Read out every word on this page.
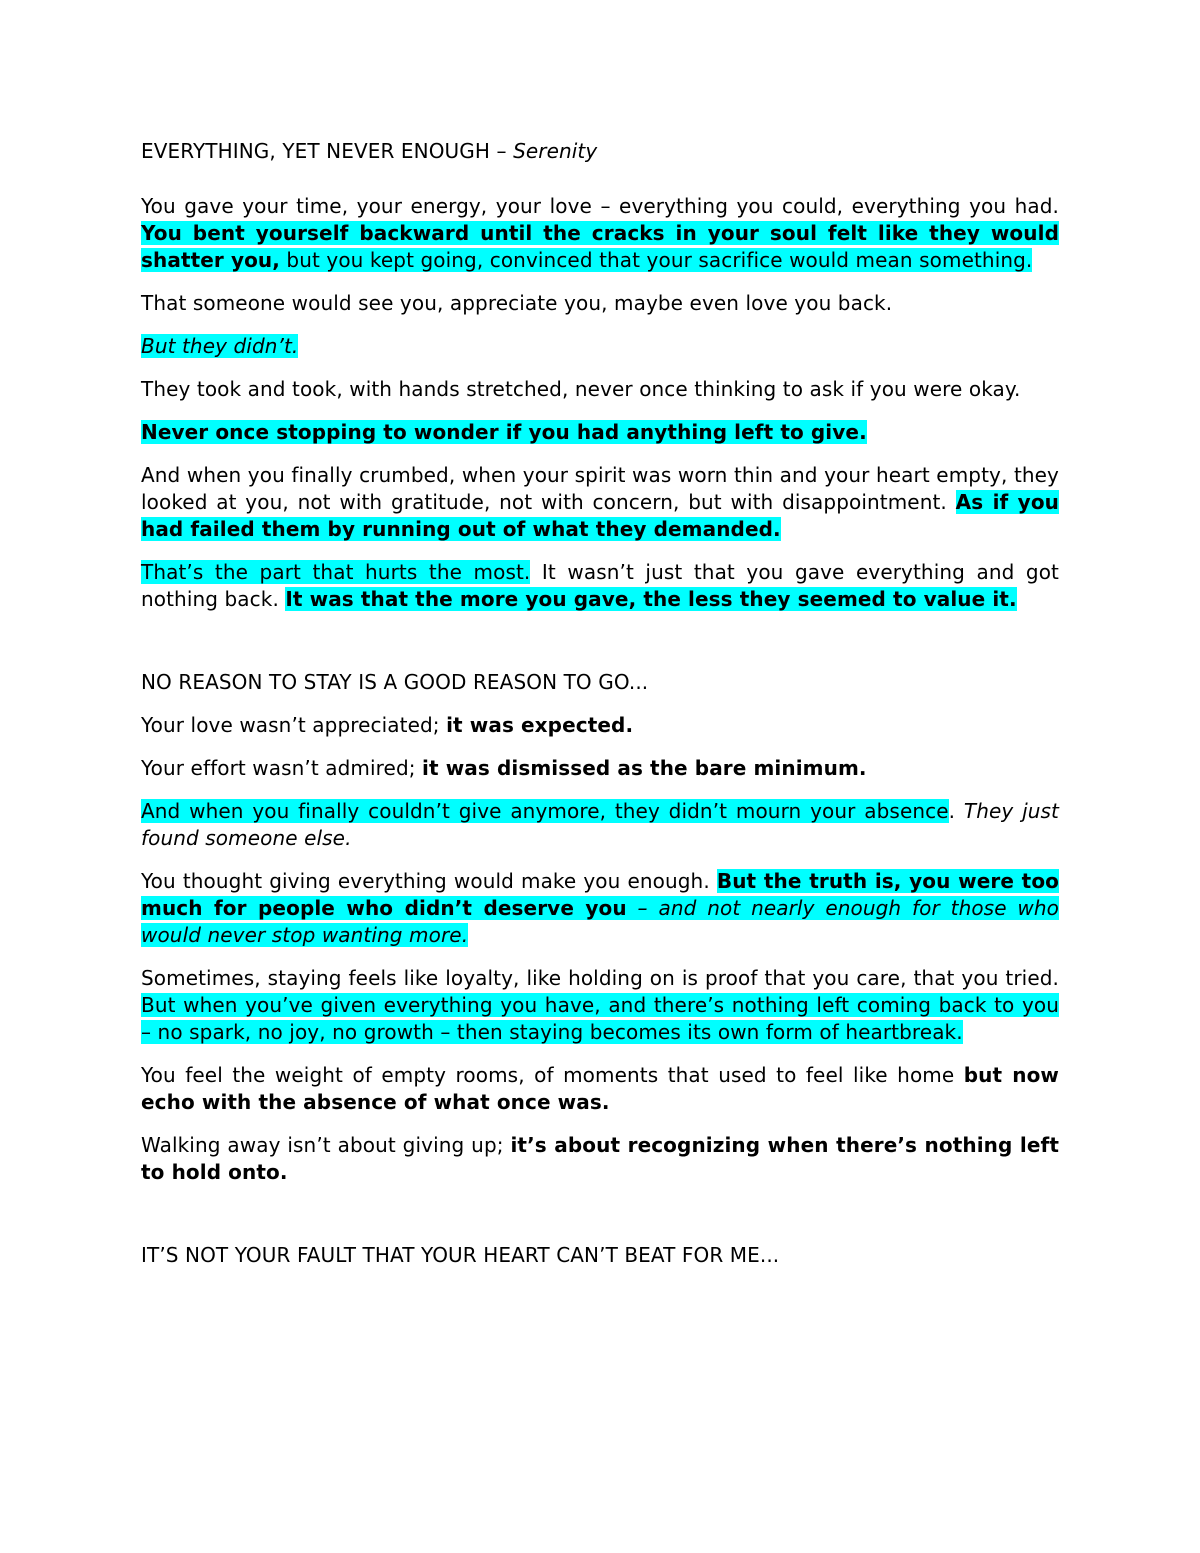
EVERYTHING, YET NEVER ENOUGH – Serenity

You gave your time, your energy, your love – everything you could, everything you had. You bent yourself backward until the cracks in your soul felt like they would shatter you, but you kept going, convinced that your sacrifice would mean something.

That someone would see you, appreciate you, maybe even love you back.

But they didn’t.

They took and took, with hands stretched, never once thinking to ask if you were okay.

Never once stopping to wonder if you had anything left to give.

And when you finally crumbed, when your spirit was worn thin and your heart empty, they looked at you, not with gratitude, not with concern, but with disappointment. As if you had failed them by running out of what they demanded.

That’s the part that hurts the most. It wasn’t just that you gave everything and got nothing back. It was that the more you gave, the less they seemed to value it.

NO REASON TO STAY IS A GOOD REASON TO GO...

Your love wasn’t appreciated; it was expected.

Your effort wasn’t admired; it was dismissed as the bare minimum.

And when you finally couldn’t give anymore, they didn’t mourn your absence. They just found someone else.

You thought giving everything would make you enough. But the truth is, you were too much for people who didn’t deserve you – and not nearly enough for those who would never stop wanting more.

Sometimes, staying feels like loyalty, like holding on is proof that you care, that you tried. But when you’ve given everything you have, and there’s nothing left coming back to you – no spark, no joy, no growth – then staying becomes its own form of heartbreak.

You feel the weight of empty rooms, of moments that used to feel like home but now echo with the absence of what once was.

Walking away isn’t about giving up; it’s about recognizing when there’s nothing left to hold onto.

IT’S NOT YOUR FAULT THAT YOUR HEART CAN’T BEAT FOR ME...
